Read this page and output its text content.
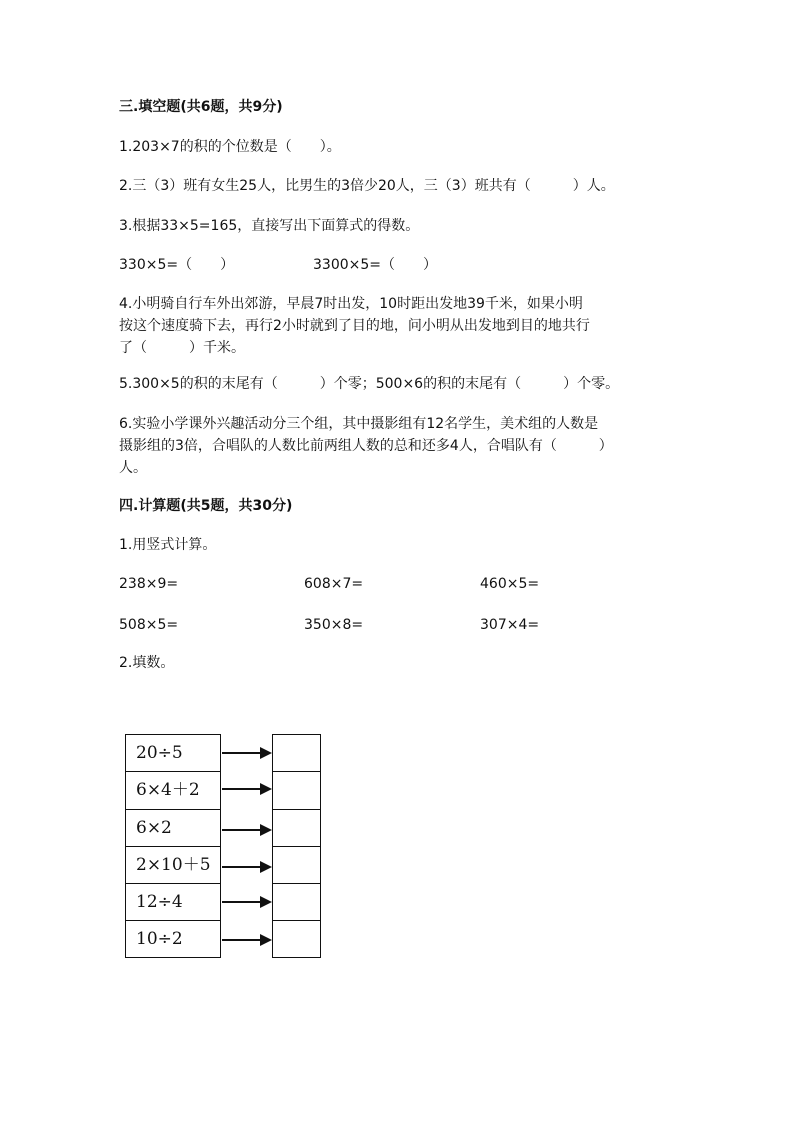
三.填空题(共6题，共9分)
1.203×7的积的个位数是（　　）。
2.三（3）班有女生25人，比男生的3倍少20人，三（3）班共有（　　　）人。
3.根据33×5=165，直接写出下面算式的得数。
330×5=（　　）	3300×5=（　　）
4.小明骑自行车外出郊游，早晨7时出发，10时距出发地39千米，如果小明
按这个速度骑下去，再行2小时就到了目的地，问小明从出发地到目的地共行
了（　　　）千米。
5.300×5的积的末尾有（　　　）个零；500×6的积的末尾有（　　　）个零。
6.实验小学课外兴趣活动分三个组，其中摄影组有12名学生，美术组的人数是
摄影组的3倍，合唱队的人数比前两组人数的总和还多4人，合唱队有（　　　）
人。
四.计算题(共5题，共30分)
1.用竖式计算。
238×9=	608×7=	460×5=
508×5=	350×8=	307×4=
2.填数。
20÷5
6×4＋2
6×2
2×10＋5
12÷4
10÷2
